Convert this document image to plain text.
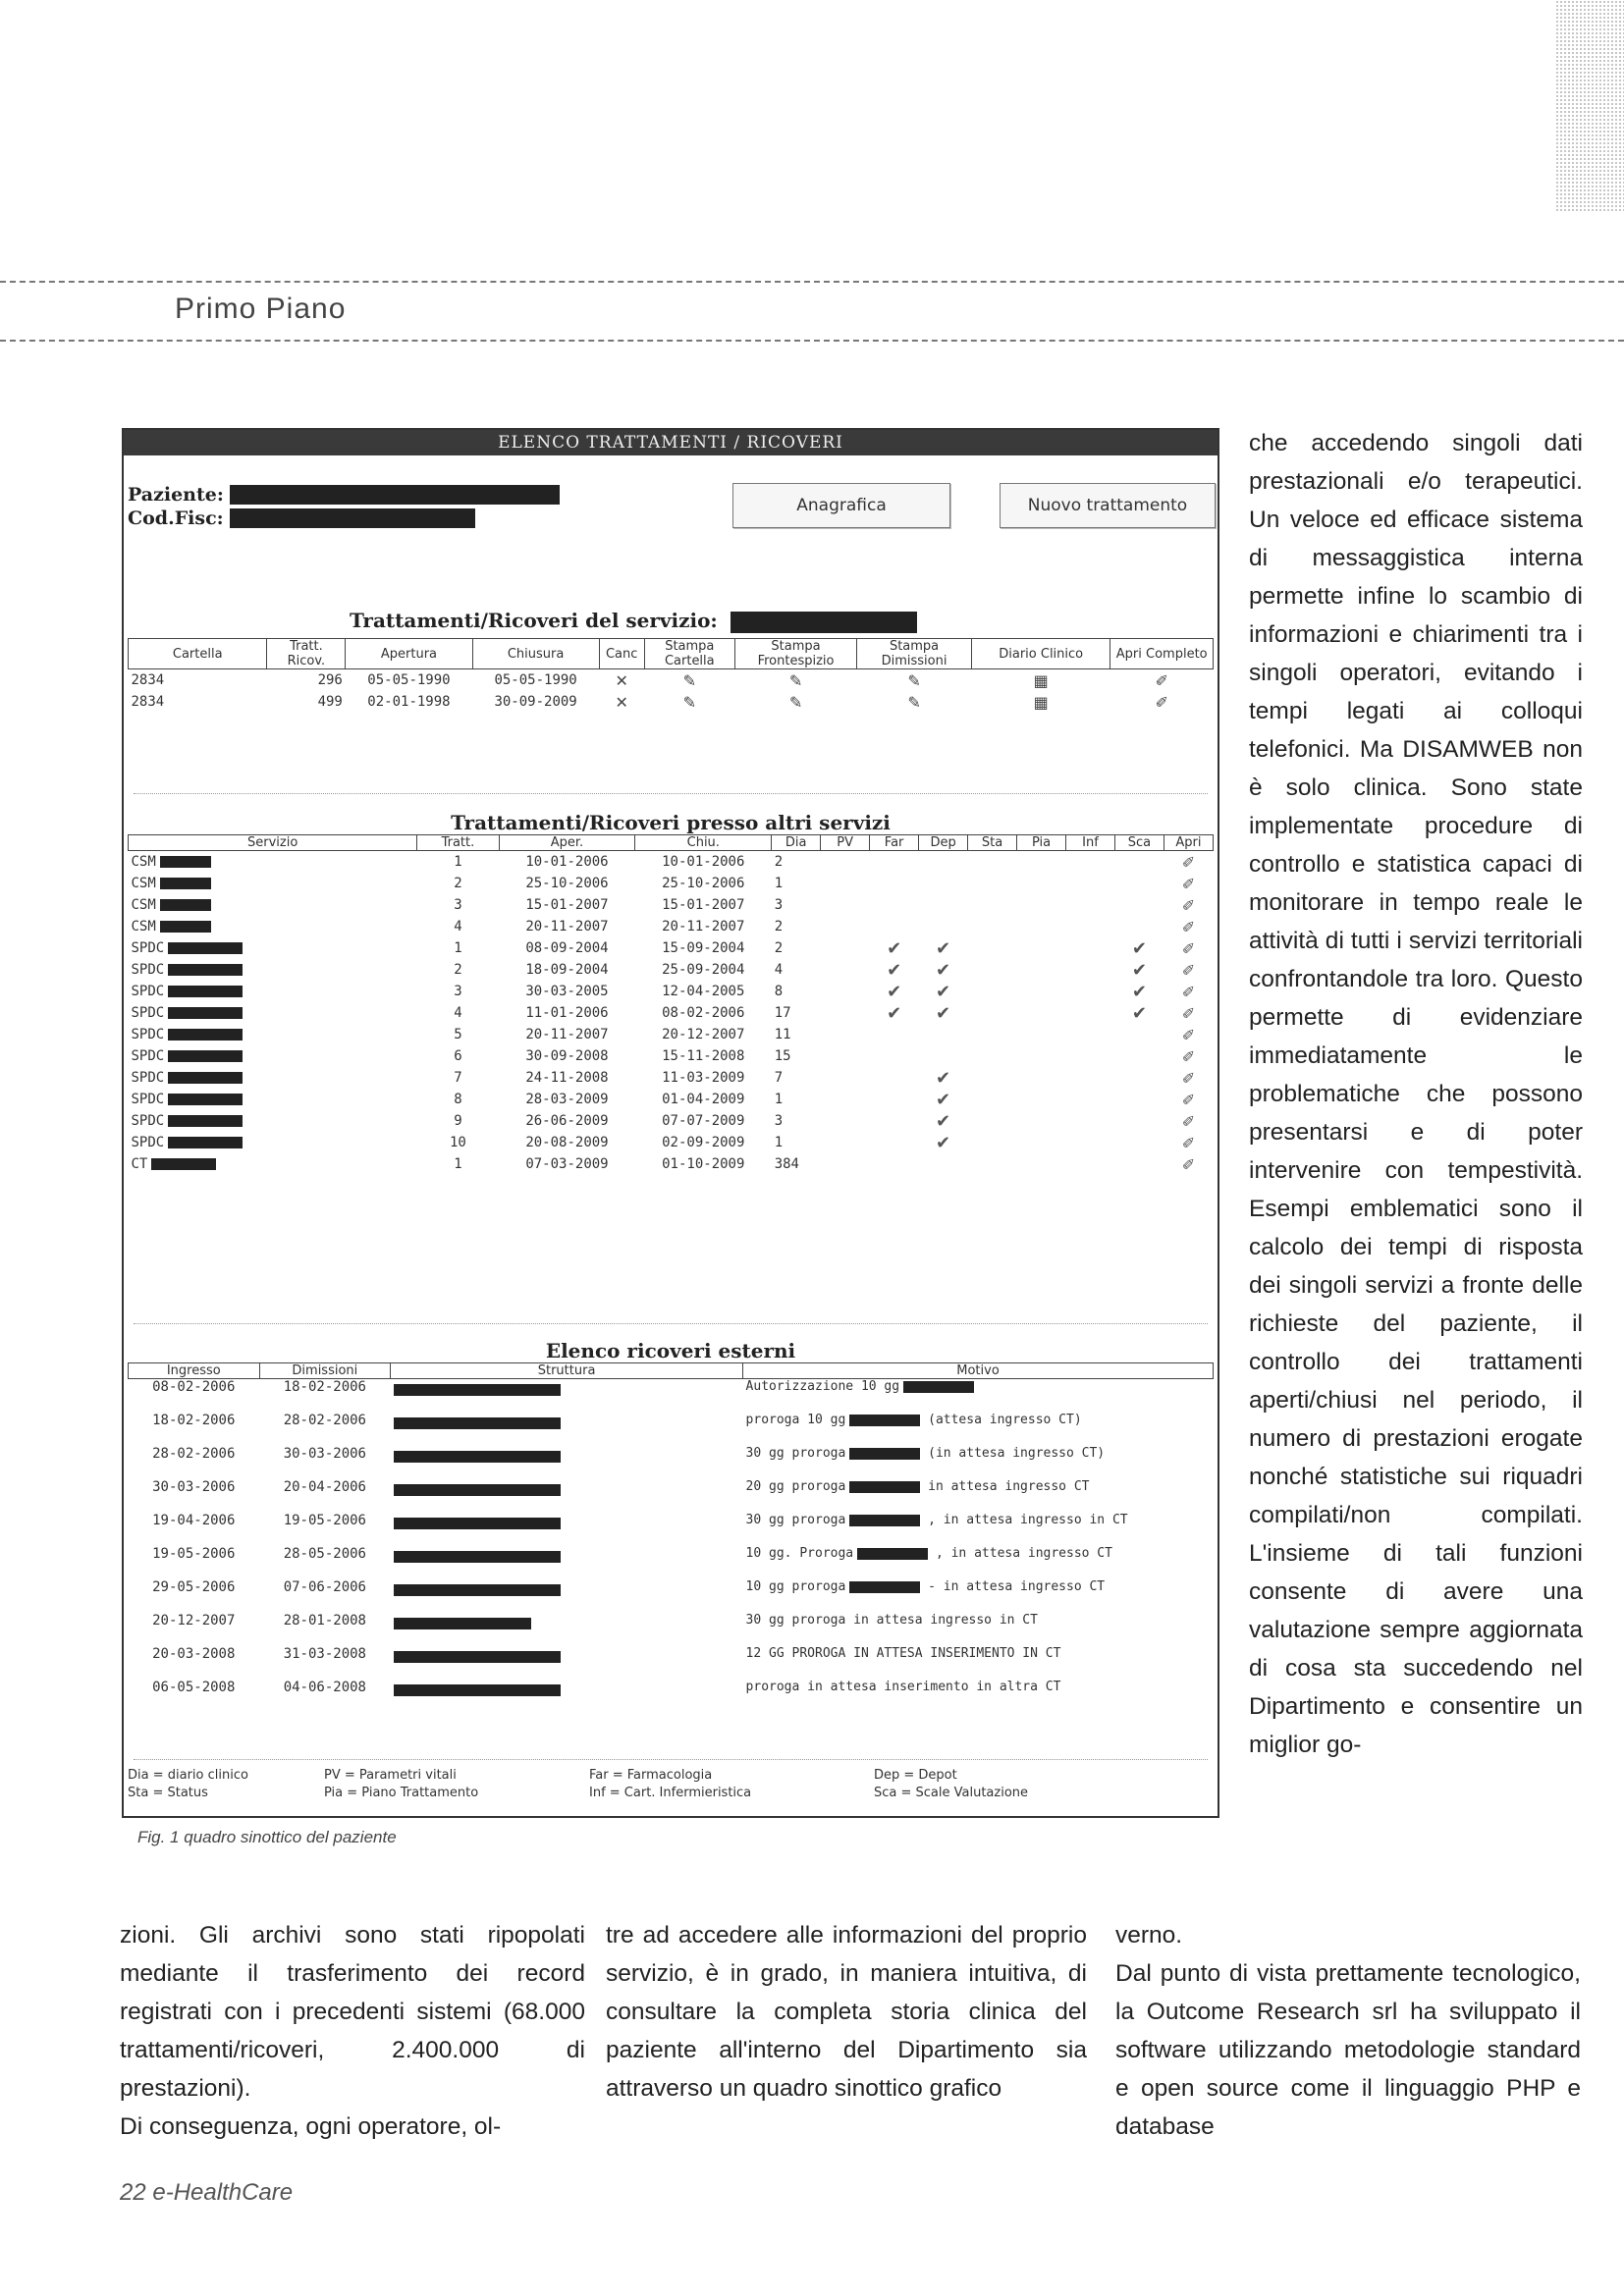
Primo Piano
ELENCO TRATTAMENTI / RICOVERI
Paziente:
Cod.Fisc:
Anagrafica	Nuovo trattamento
Trattamenti/Ricoveri del servizio:
Cartella	Tratt. Ricov.	Apertura	Chiusura	Canc	Stampa Cartella	Stampa Frontespizio	Stampa Dimissioni	Diario Clinico	Apri Completo
2834	296	05-05-1990	05-05-1990	✕	✎	✎	✎	▦	✐
2834	499	02-01-1998	30-09-2009	✕	✎	✎	✎	▦	✐
Trattamenti/Ricoveri presso altri servizi
Servizio	Tratt.	Aper.	Chiu.	Dia	PV	Far	Dep	Sta	Pia	Inf	Sca	Apri
CSM	1	10-01-2006	10-01-2006	2								✐
CSM	2	25-10-2006	25-10-2006	1								✐
CSM	3	15-01-2007	15-01-2007	3								✐
CSM	4	20-11-2007	20-11-2007	2								✐
SPDC	1	08-09-2004	15-09-2004	2		✔	✔				✔	✐
SPDC	2	18-09-2004	25-09-2004	4		✔	✔				✔	✐
SPDC	3	30-03-2005	12-04-2005	8		✔	✔				✔	✐
SPDC	4	11-01-2006	08-02-2006	17		✔	✔				✔	✐
SPDC	5	20-11-2007	20-12-2007	11								✐
SPDC	6	30-09-2008	15-11-2008	15								✐
SPDC	7	24-11-2008	11-03-2009	7			✔					✐
SPDC	8	28-03-2009	01-04-2009	1			✔					✐
SPDC	9	26-06-2009	07-07-2009	3			✔					✐
SPDC	10	20-08-2009	02-09-2009	1			✔					✐
CT	1	07-03-2009	01-10-2009	384								✐
Elenco ricoveri esterni
Ingresso	Dimissioni	Struttura	Motivo
08-02-2006	18-02-2006		Autorizzazione 10 gg
18-02-2006	28-02-2006		proroga 10 gg (attesa ingresso CT)
28-02-2006	30-03-2006		30 gg proroga (in attesa ingresso CT)
30-03-2006	20-04-2006		20 gg proroga in attesa ingresso CT
19-04-2006	19-05-2006		30 gg proroga , in attesa ingresso in CT
19-05-2006	28-05-2006		10 gg. Proroga , in attesa ingresso CT
29-05-2006	07-06-2006		10 gg proroga - in attesa ingresso CT
20-12-2007	28-01-2008		30 gg proroga in attesa ingresso in CT
20-03-2008	31-03-2008		12 GG PROROGA IN ATTESA INSERIMENTO IN CT
06-05-2008	04-06-2008		proroga in attesa inserimento in altra CT
Dia = diario clinico
Sta = Status
PV = Parametri vitali
Pia = Piano Trattamento
Far = Farmacologia
Inf = Cart. Infermieristica
Dep = Depot
Sca = Scale Valutazione
Fig. 1 quadro sinottico del paziente

che accedendo singoli dati prestazionali e/o terapeutici. Un veloce ed efficace sistema di messaggistica interna permette infine lo scambio di informazioni e chiarimenti tra i singoli operatori, evitando i tempi legati ai colloqui telefonici. Ma DISAMWEB non è solo clinica. Sono state implementate procedure di controllo e statistica capaci di monitorare in tempo reale le attività di tutti i servizi territoriali confrontandole tra loro. Questo permette di evidenziare immediatamente le problematiche che possono presentarsi e di poter intervenire con tempestività. Esempi emblematici sono il calcolo dei tempi di risposta dei singoli servizi a fronte delle richieste del paziente, il controllo dei trattamenti aperti/chiusi nel periodo, il numero di prestazioni erogate nonché statistiche sui riquadri compilati/non compilati. L'insieme di tali funzioni consente di avere una valutazione sempre aggiornata di cosa sta succedendo nel Dipartimento e consentire un miglior go-

zioni. Gli archivi sono stati ripopolati mediante il trasferimento dei record registrati con i precedenti sistemi (68.000 trattamenti/ricoveri, 2.400.000 di prestazioni).

Di conseguenza, ogni operatore, ol-

tre ad accedere alle informazioni del proprio servizio, è in grado, in maniera intuitiva, di consultare la completa storia clinica del paziente all'interno del Dipartimento sia attraverso un quadro sinottico grafico

verno.

Dal punto di vista prettamente tecnologico, la Outcome Research srl ha sviluppato il software utilizzando metodologie standard e open source come il linguaggio PHP e database

22 e-HealthCare
